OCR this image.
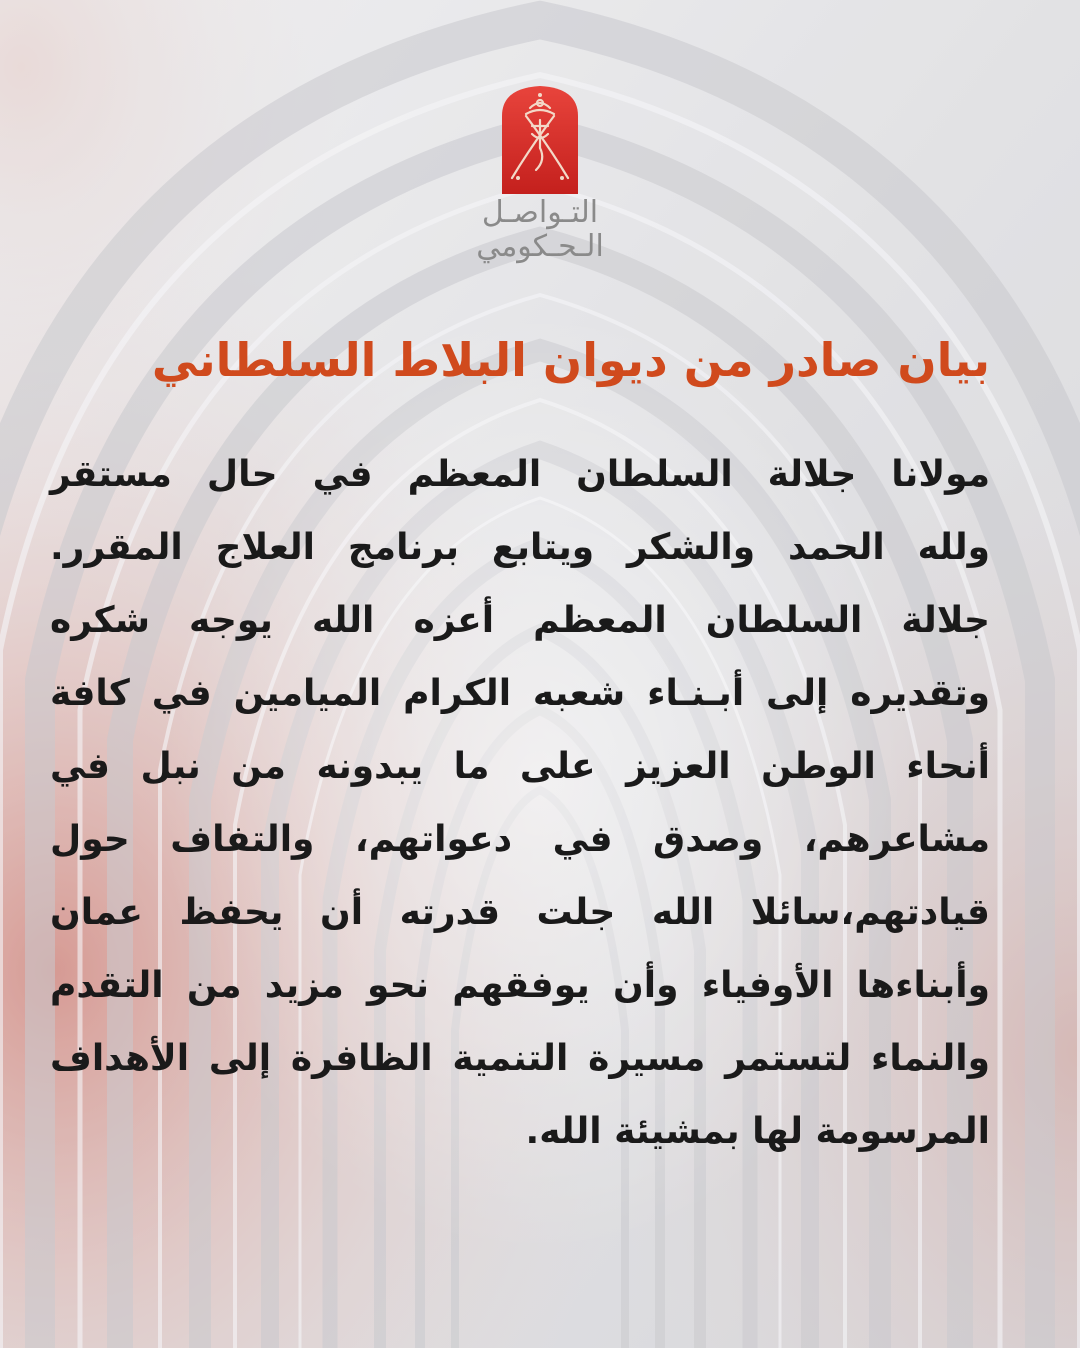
التـواصـل
الـحـكومي
بيان صادر من ديوان البلاط السلطاني
مولانا جلالة السلطان المعظم في حال مستقر
ولله الحمد والشكر ويتابع برنامج العلاج المقرر.
جلالة السلطان المعظم أعزه الله يوجه شكره
وتقديره إلى أبـنـاء شعبه الكرام الميامين في كافة
أنحاء الوطن العزيز على ما يبدونه من نبل في
مشاعرهم، وصدق في دعواتهم، والتفاف حول
قيادتهم،سائلا الله جلت قدرته أن يحفظ عمان
وأبناءها الأوفياء وأن يوفقهم نحو مزيد من التقدم
والنماء لتستمر مسيرة التنمية الظافرة إلى الأهداف
المرسومة لها بمشيئة الله.
